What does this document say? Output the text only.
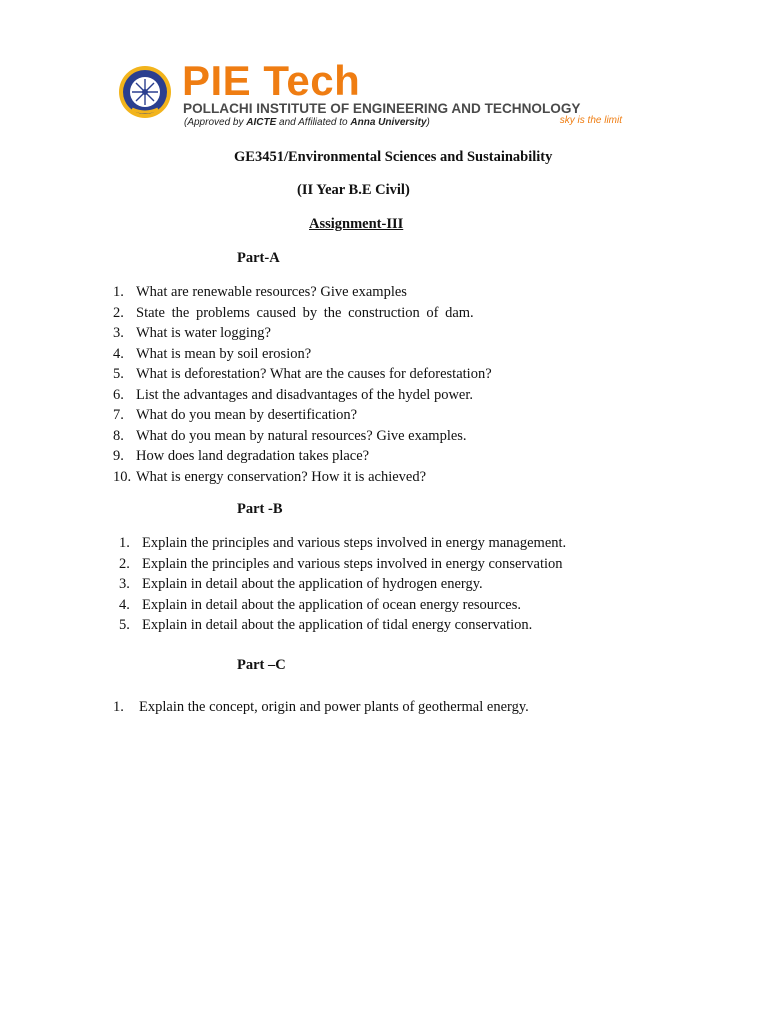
PIE Tech
POLLACHI INSTITUTE OF ENGINEERING AND TECHNOLOGY
(Approved by AICTE and Affiliated to Anna University)	sky is the limit
GE3451/Environmental Sciences and Sustainability
(II Year B.E Civil)
Assignment-III
Part-A
1. What are renewable resources? Give examples
2. State the problems caused by the construction of dam.
3. What is water logging?
4. What is mean by soil erosion?
5. What is deforestation? What are the causes for deforestation?
6. List the advantages and disadvantages of the hydel power.
7. What do you mean by desertification?
8. What do you mean by natural resources? Give examples.
9. How does land degradation takes place?
10. What is energy conservation? How it is achieved?
Part -B
1. Explain the principles and various steps involved in energy management.
2. Explain the principles and various steps involved in energy conservation
3. Explain in detail about the application of hydrogen energy.
4. Explain in detail about the application of ocean energy resources.
5. Explain in detail about the application of tidal energy conservation.
Part –C
1. Explain the concept, origin and power plants of geothermal energy.
